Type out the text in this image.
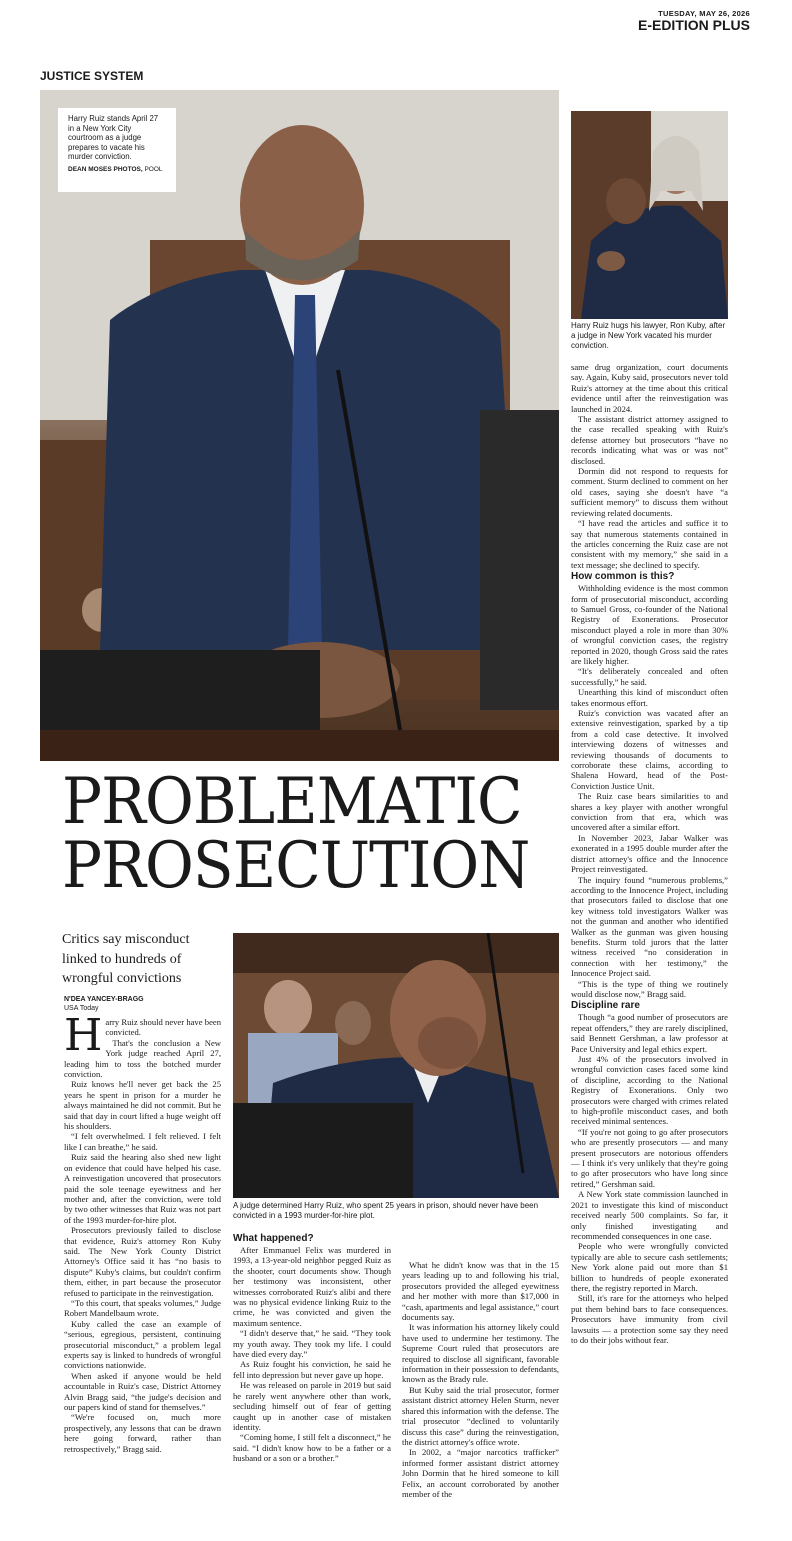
TUESDAY, MAY 26, 2026
E-EDITION PLUS
JUSTICE SYSTEM
Harry Ruiz stands April 27 in a New York City courtroom as a judge prepares to vacate his murder conviction.
DEAN MOSES PHOTOS, POOL
Harry Ruiz hugs his lawyer, Ron Kuby, after a judge in New York vacated his murder conviction.
PROBLEMATIC
PROSECUTION
Critics say misconduct linked to hundreds of wrongful convictions
N'DEA YANCEY-BRAGG
USA Today
A judge determined Harry Ruiz, who spent 25 years in prison, should never have been convicted in a 1993 murder-for-hire plot.
H arry Ruiz should never have been convicted.

That's the conclusion a New York judge reached April 27, leading him to toss the botched murder conviction.

Ruiz knows he'll never get back the 25 years he spent in prison for a murder he always maintained he did not commit. But he said that day in court lifted a huge weight off his shoulders.

“I felt overwhelmed. I felt relieved. I felt like I can breathe,” he said.

Ruiz said the hearing also shed new light on evidence that could have helped his case. A reinvestigation uncovered that prosecutors paid the sole teenage eyewitness and her mother and, after the conviction, were told by two other witnesses that Ruiz was not part of the 1993 murder-for-hire plot.

Prosecutors previously failed to disclose that evidence, Ruiz's attorney Ron Kuby said. The New York County District Attorney's Office said it has “no basis to dispute” Kuby's claims, but couldn't confirm them, either, in part because the prosecutor refused to participate in the reinvestigation.

“To this court, that speaks volumes,” Judge Robert Mandelbaum wrote.

Kuby called the case an example of “serious, egregious, persistent, continuing prosecutorial misconduct,” a problem legal experts say is linked to hundreds of wrongful convictions nationwide.

When asked if anyone would be held accountable in Ruiz's case, District Attorney Alvin Bragg said, “the judge's decision and our papers kind of stand for themselves.”

“We're focused on, much more prospectively, any lessons that can be drawn here going forward, rather than retrospectively,” Bragg said.

What happened?

After Emmanuel Felix was murdered in 1993, a 13-year-old neighbor pegged Ruiz as the shooter, court documents show. Though her testimony was inconsistent, other witnesses corroborated Ruiz's alibi and there was no physical evidence linking Ruiz to the crime, he was convicted and given the maximum sentence.

“I didn't deserve that,” he said. “They took my youth away. They took my life. I could have died every day.”

As Ruiz fought his conviction, he said he fell into depression but never gave up hope.

He was released on parole in 2019 but said he rarely went anywhere other than work, secluding himself out of fear of getting caught up in another case of mistaken identity.

“Coming home, I still felt a disconnect,” he said. “I didn't know how to be a father or a husband or a son or a brother.”

What he didn't know was that in the 15 years leading up to and following his trial, prosecutors provided the alleged eyewitness and her mother with more than $17,000 in “cash, apartments and legal assistance,” court documents say.

It was information his attorney likely could have used to undermine her testimony. The Supreme Court ruled that prosecutors are required to disclose all significant, favorable information in their possession to defendants, known as the Brady rule.

But Kuby said the trial prosecutor, former assistant district attorney Helen Sturm, never shared this information with the defense. The trial prosecutor “declined to voluntarily discuss this case” during the reinvestigation, the district attorney's office wrote.

In 2002, a “major narcotics trafficker” informed former assistant district attorney John Dormin that he hired someone to kill Felix, an account corroborated by another member of the

same drug organization, court documents say. Again, Kuby said, prosecutors never told Ruiz's attorney at the time about this critical evidence until after the reinvestigation was launched in 2024.

The assistant district attorney assigned to the case recalled speaking with Ruiz's defense attorney but prosecutors “have no records indicating what was or was not” disclosed.

Dormin did not respond to requests for comment. Sturm declined to comment on her old cases, saying she doesn't have “a sufficient memory” to discuss them without reviewing related documents.

“I have read the articles and suffice it to say that numerous statements contained in the articles concerning the Ruiz case are not consistent with my memory,” she said in a text message; she declined to specify.

How common is this?

Withholding evidence is the most common form of prosecutorial misconduct, according to Samuel Gross, co-founder of the National Registry of Exonerations. Prosecutor misconduct played a role in more than 30% of wrongful conviction cases, the registry reported in 2020, though Gross said the rates are likely higher.

“It's deliberately concealed and often successfully,” he said.

Unearthing this kind of misconduct often takes enormous effort.

Ruiz's conviction was vacated after an extensive reinvestigation, sparked by a tip from a cold case detective. It involved interviewing dozens of witnesses and reviewing thousands of documents to corroborate these claims, according to Shalena Howard, head of the Post-Conviction Justice Unit.

The Ruiz case bears similarities to and shares a key player with another wrongful conviction from that era, which was uncovered after a similar effort.

In November 2023, Jabar Walker was exonerated in a 1995 double murder after the district attorney's office and the Innocence Project reinvestigated.

The inquiry found “numerous problems,” according to the Innocence Project, including that prosecutors failed to disclose that one key witness told investigators Walker was not the gunman and another who identified Walker as the gunman was given housing benefits. Sturm told jurors that the latter witness received “no consideration in connection with her testimony,” the Innocence Project said.

“This is the type of thing we routinely would disclose now,” Bragg said.

Discipline rare

Though “a good number of prosecutors are repeat offenders,” they are rarely disciplined, said Bennett Gershman, a law professor at Pace University and legal ethics expert.

Just 4% of the prosecutors involved in wrongful conviction cases faced some kind of discipline, according to the National Registry of Exonerations. Only two prosecutors were charged with crimes related to high-profile misconduct cases, and both received minimal sentences.

“If you're not going to go after prosecutors who are presently prosecutors — and many present prosecutors are notorious offenders — I think it's very unlikely that they're going to go after prosecutors who have long since retired,” Gershman said.

A New York state commission launched in 2021 to investigate this kind of misconduct received nearly 500 complaints. So far, it only finished investigating and recommended consequences in one case.

People who were wrongfully convicted typically are able to secure cash settlements; New York alone paid out more than $1 billion to hundreds of people exonerated there, the registry reported in March.

Still, it's rare for the attorneys who helped put them behind bars to face consequences. Prosecutors have immunity from civil lawsuits — a protection some say they need to do their jobs without fear.
